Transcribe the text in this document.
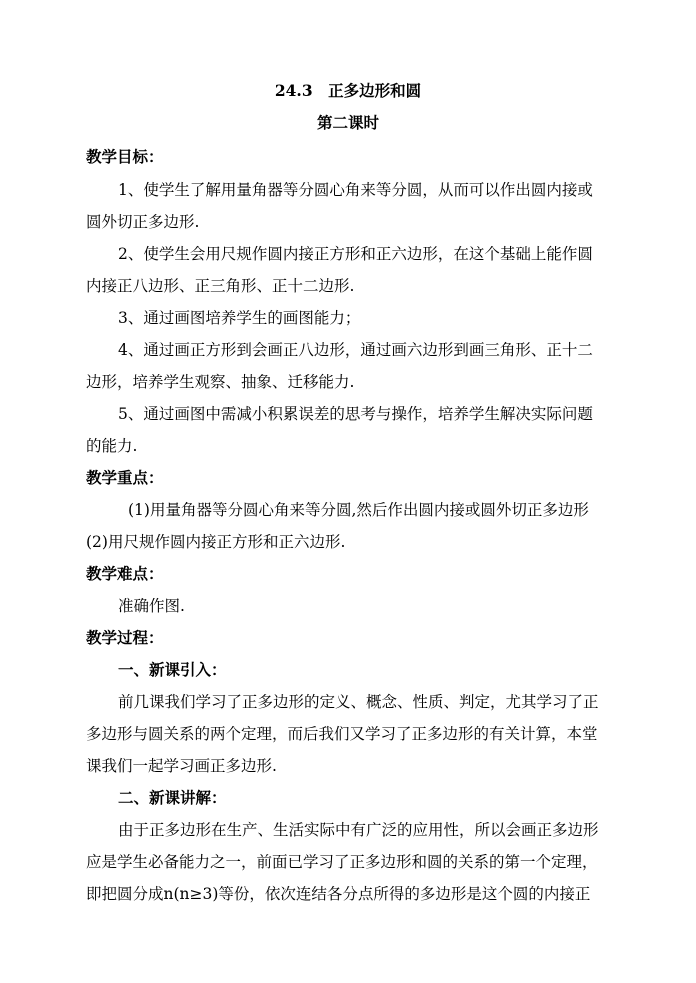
24.3　正多边形和圆
第二课时
教学目标：
1、使学生了解用量角器等分圆心角来等分圆，从而可以作出圆内接或
圆外切正多边形.
2、使学生会用尺规作圆内接正方形和正六边形，在这个基础上能作圆
内接正八边形、正三角形、正十二边形.
3、通过画图培养学生的画图能力；
4、通过画正方形到会画正八边形，通过画六边形到画三角形、正十二
边形，培养学生观察、抽象、迁移能力.
5、通过画图中需减小积累误差的思考与操作，培养学生解决实际问题
的能力.
教学重点：
(1)用量角器等分圆心角来等分圆,然后作出圆内接或圆外切正多边形
(2)用尺规作圆内接正方形和正六边形.
教学难点：
准确作图.
教学过程：
一、新课引入：
前几课我们学习了正多边形的定义、概念、性质、判定，尤其学习了正
多边形与圆关系的两个定理，而后我们又学习了正多边形的有关计算，本堂
课我们一起学习画正多边形.
二、新课讲解：
由于正多边形在生产、生活实际中有广泛的应用性，所以会画正多边形
应是学生必备能力之一，前面已学习了正多边形和圆的关系的第一个定理，
即把圆分成n(n≥3)等份，依次连结各分点所得的多边形是这个圆的内接正
